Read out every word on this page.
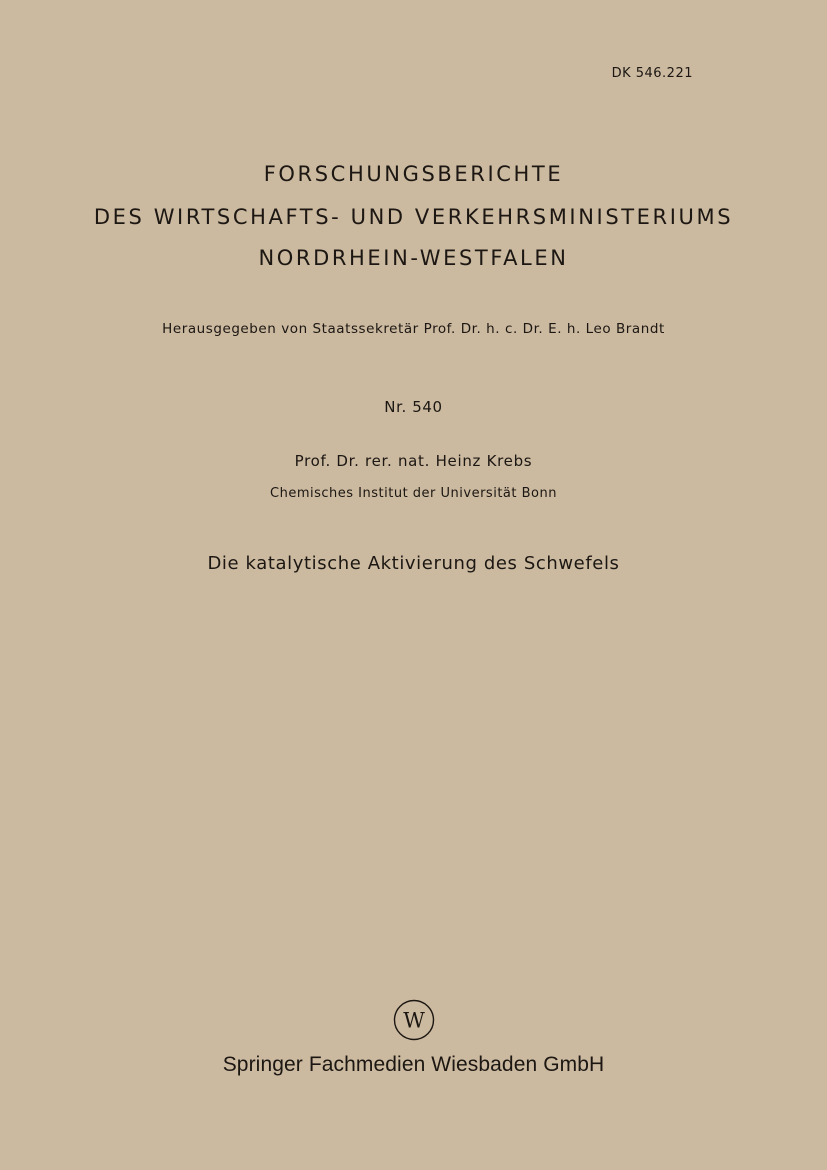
DK 546.221
FORSCHUNGSBERICHTE
DES WIRTSCHAFTS- UND VERKEHRSMINISTERIUMS
NORDRHEIN-WESTFALEN
Herausgegeben von Staatssekretär Prof. Dr. h. c. Dr. E. h. Leo Brandt
Nr. 540
Prof. Dr. rer. nat. Heinz Krebs
Chemisches Institut der Universität Bonn
Die katalytische Aktivierung des Schwefels
W
Springer Fachmedien Wiesbaden GmbH
